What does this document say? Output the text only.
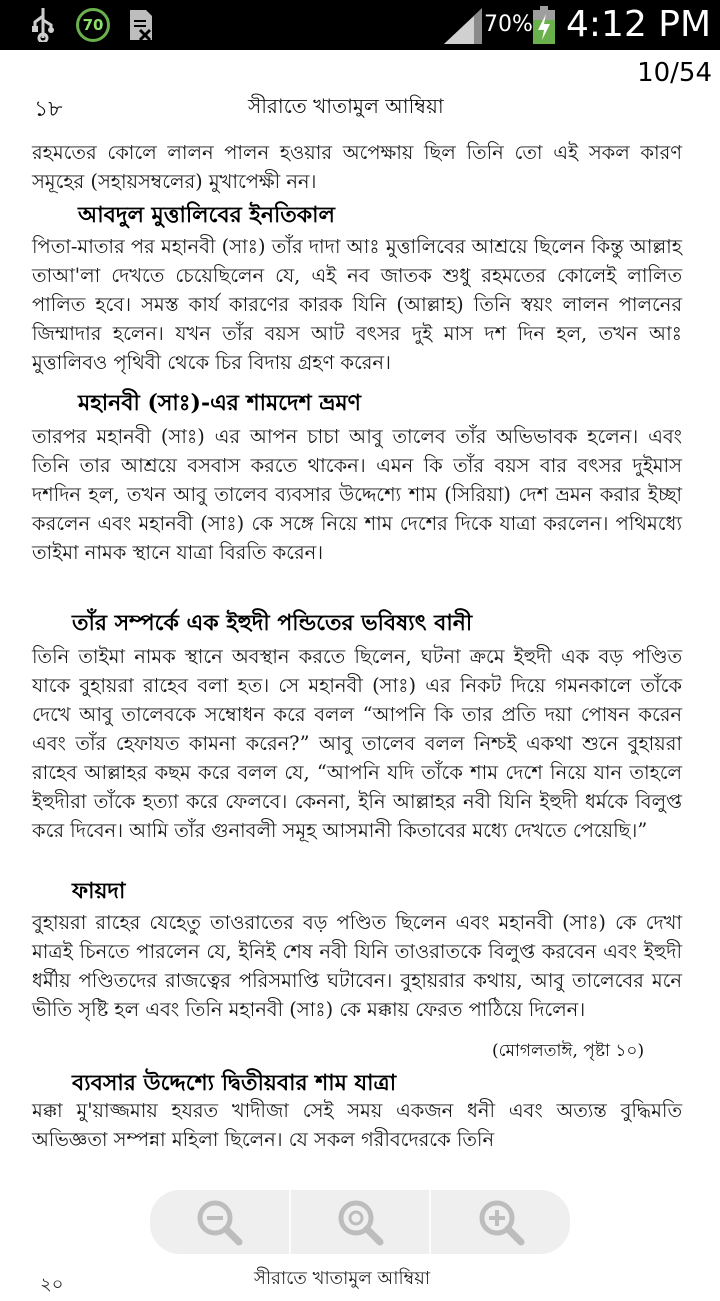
70	70% 4:12 PM
10/54
১৮	সীরাতে খাতামুল আম্বিয়া
রহমতের কোলে লালন পালন হওয়ার অপেক্ষায় ছিল তিনি তো এই সকল কারণ সমূহের (সহায়সম্বলের) মুখাপেক্ষী নন।
আবদুল মুত্তালিবের ইনতিকাল
পিতা-মাতার পর মহানবী (সাঃ) তাঁর দাদা আঃ মুত্তালিবের আশ্রয়ে ছিলেন কিন্তু আল্লাহ তাআ'লা দেখতে চেয়েছিলেন যে, এই নব জাতক শুধু রহমতের কোলেই লালিত পালিত হবে। সমস্ত কার্য কারণের কারক যিনি (আল্লাহ) তিনি স্বয়ং লালন পালনের জিম্মাদার হলেন। যখন তাঁর বয়স আট বৎসর দুই মাস দশ দিন হল, তখন আঃ মুত্তালিবও পৃথিবী থেকে চির বিদায় গ্রহণ করেন।
মহানবী (সাঃ)-এর শামদেশ ভ্রমণ
তারপর মহানবী (সাঃ) এর আপন চাচা আবু তালেব তাঁর অভিভাবক হলেন। এবং তিনি তার আশ্রয়ে বসবাস করতে থাকেন। এমন কি তাঁর বয়স বার বৎসর দুইমাস দশদিন হল, তখন আবু তালেব ব্যবসার উদ্দেশ্যে শাম (সিরিয়া) দেশ ভ্রমন করার ইচ্ছা করলেন এবং মহানবী (সাঃ) কে সঙ্গে নিয়ে শাম দেশের দিকে যাত্রা করলেন। পথিমধ্যে তাইমা নামক স্থানে যাত্রা বিরতি করেন।
তাঁর সম্পর্কে এক ইহুদী পন্ডিতের ভবিষ্যৎ বানী
তিনি তাইমা নামক স্থানে অবস্থান করতে ছিলেন, ঘটনা ক্রমে ইহুদী এক বড় পণ্ডিত যাকে বুহায়রা রাহেব বলা হত। সে মহানবী (সাঃ) এর নিকট দিয়ে গমনকালে তাঁকে দেখে আবু তালেবকে সম্বোধন করে বলল “আপনি কি তার প্রতি দয়া পোষন করেন এবং তাঁর হেফাযত কামনা করেন?” আবু তালেব বলল নিশ্চই একথা শুনে বুহায়রা রাহেব আল্লাহর কছম করে বলল যে, “আপনি যদি তাঁকে শাম দেশে নিয়ে যান তাহলে ইহুদীরা তাঁকে হত্যা করে ফেলবে। কেননা, ইনি আল্লাহর নবী যিনি ইহুদী ধর্মকে বিলুপ্ত করে দিবেন। আমি তাঁর গুনাবলী সমূহ আসমানী কিতাবের মধ্যে দেখতে পেয়েছি।”
ফায়দা
বুহায়রা রাহের যেহেতু তাওরাতের বড় পণ্ডিত ছিলেন এবং মহানবী (সাঃ) কে দেখা মাত্রই চিনতে পারলেন যে, ইনিই শেষ নবী যিনি তাওরাতকে বিলুপ্ত করবেন এবং ইহুদী ধর্মীয় পণ্ডিতদের রাজত্বের পরিসমাপ্তি ঘটাবেন। বুহায়রার কথায়, আবু তালেবের মনে ভীতি সৃষ্টি হল এবং তিনি মহানবী (সাঃ) কে মক্কায় ফেরত পাঠিয়ে দিলেন।
(মোগলতাঈ, পৃষ্টা ১০)
ব্যবসার উদ্দেশ্যে দ্বিতীয়বার শাম যাত্রা
মক্কা মু'য়াজ্জমায় হযরত খাদীজা সেই সময় একজন ধনী এবং অত্যন্ত বুদ্ধিমতি অভিজ্ঞতা সম্পন্না মহিলা ছিলেন। যে সকল গরীবদেরকে তিনি
২০	সীরাতে খাতামুল আম্বিয়া
